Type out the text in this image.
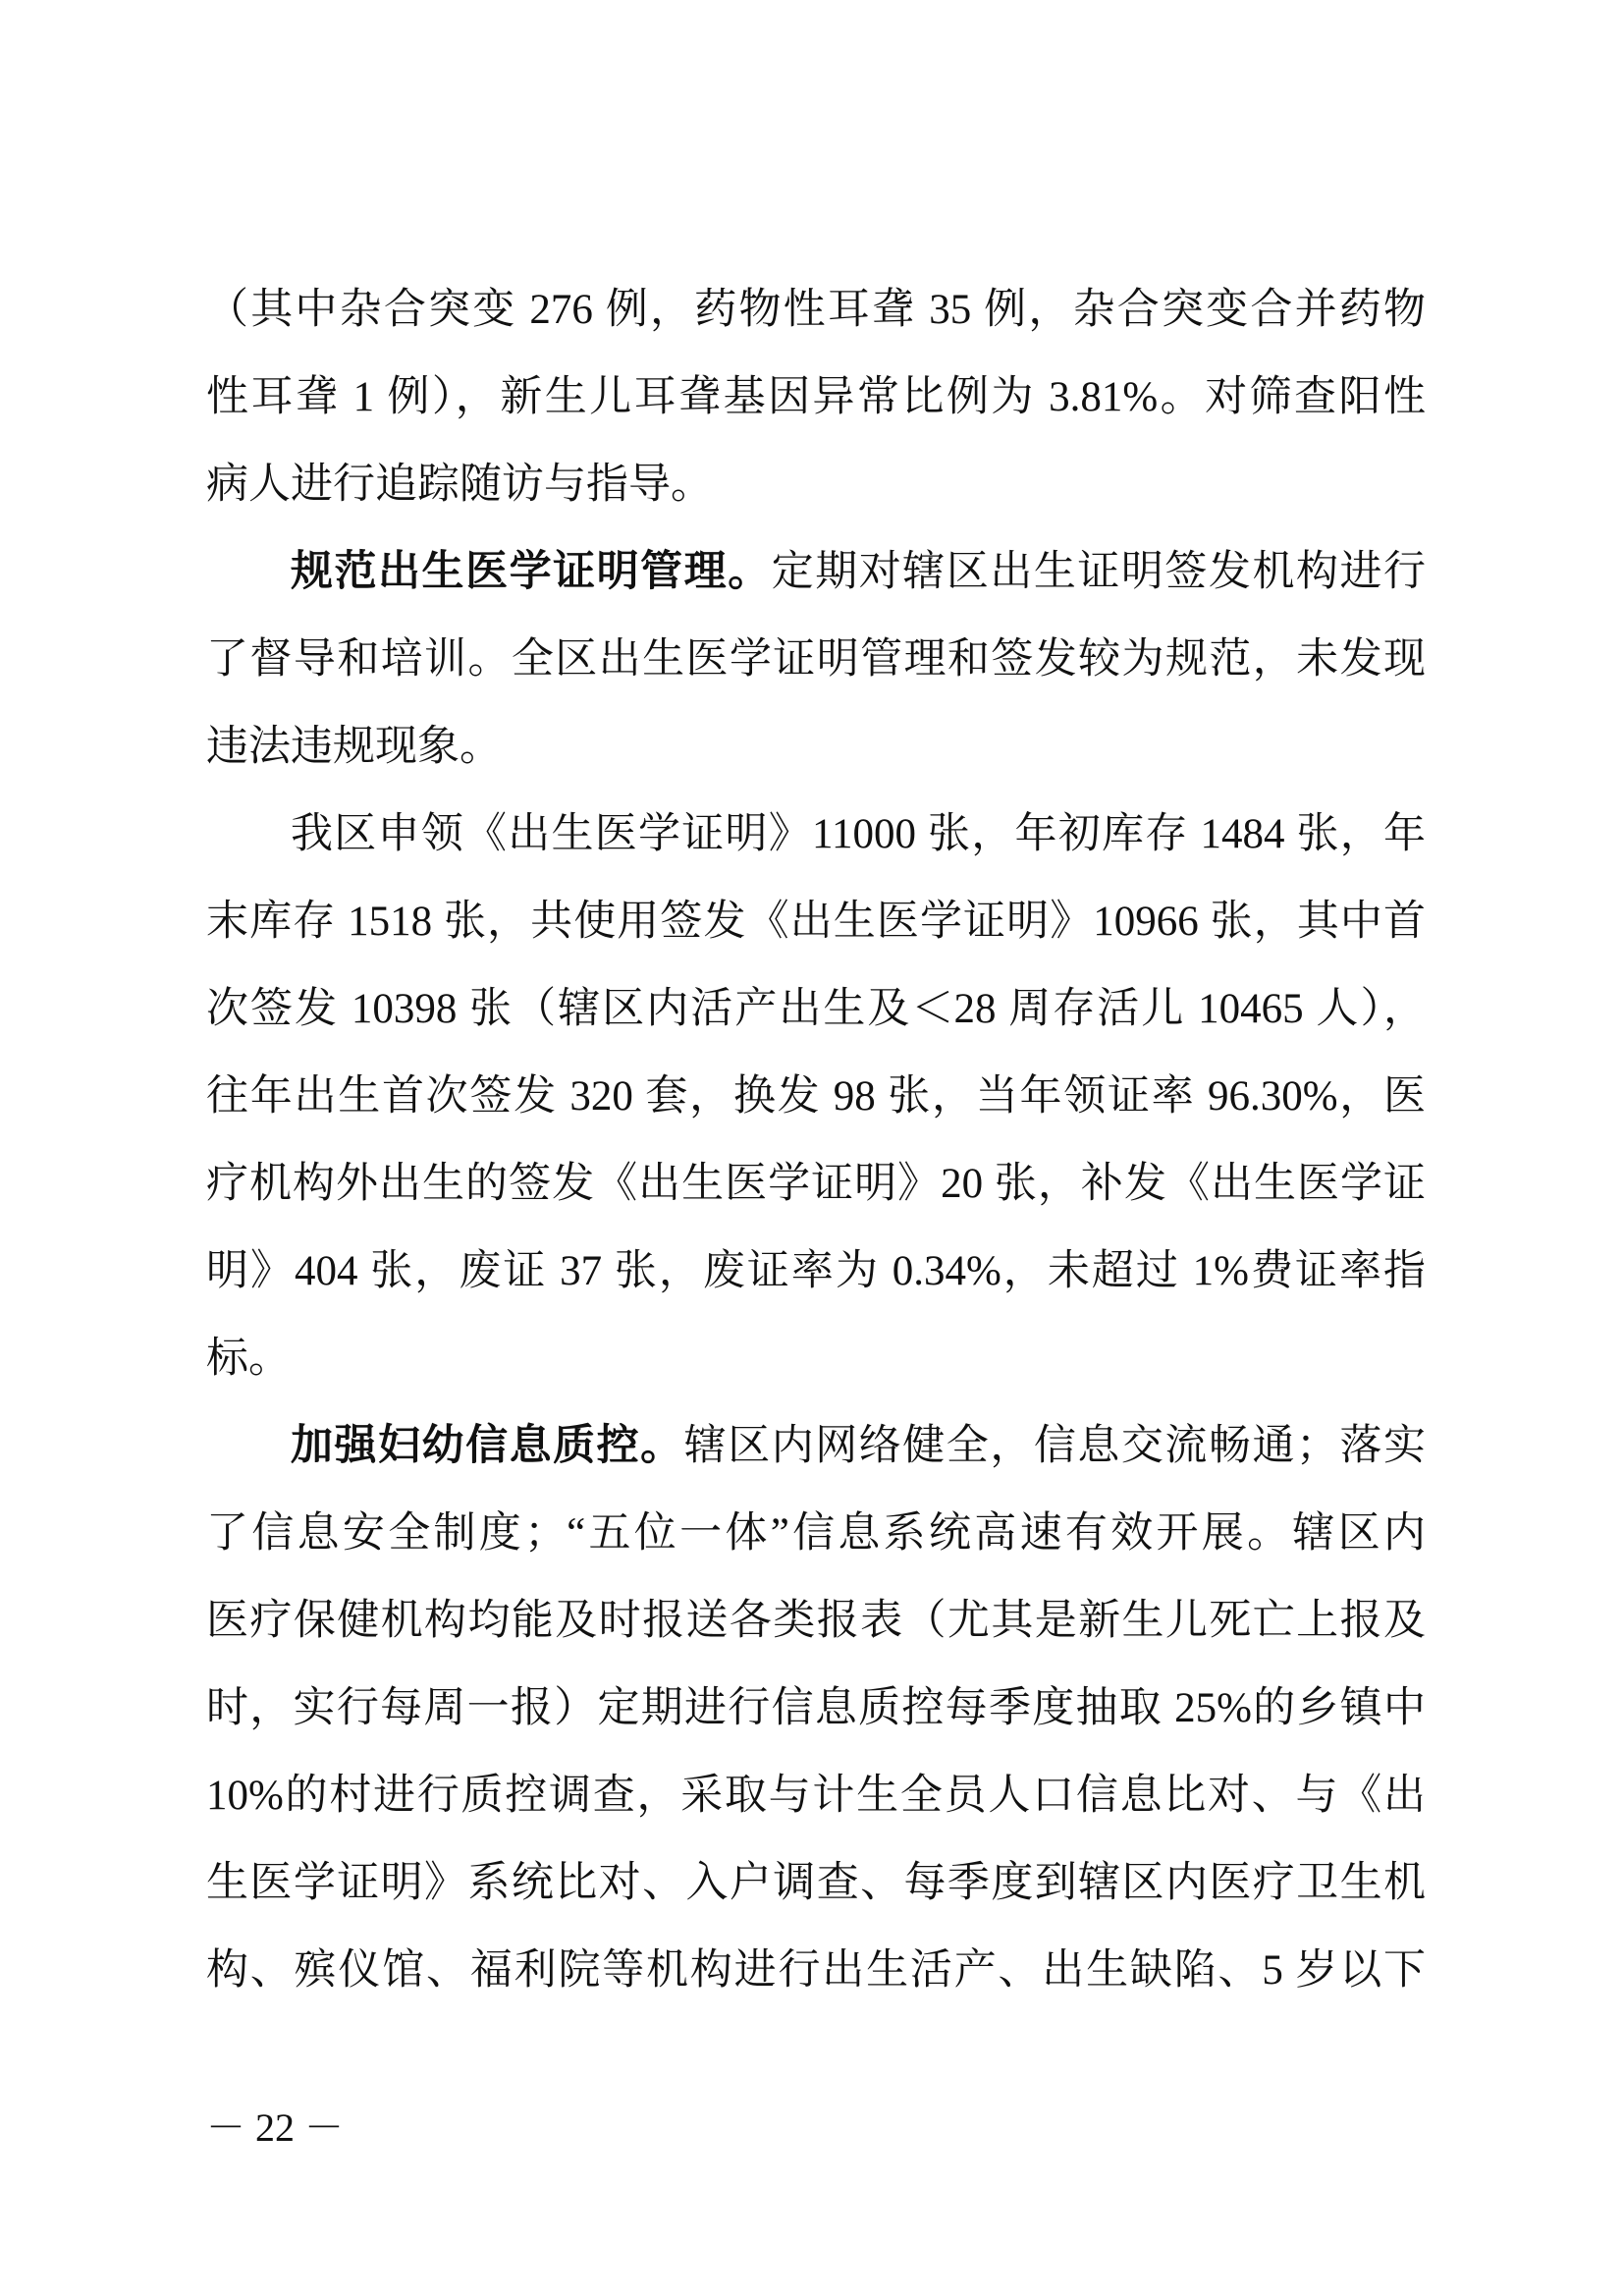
（其中杂合突变 276 例，药物性耳聋 35 例，杂合突变合并药物
性耳聋 1 例），新生儿耳聋基因异常比例为 3.81%。对筛查阳性
病人进行追踪随访与指导。
规范出生医学证明管理。定期对辖区出生证明签发机构进行
了督导和培训。全区出生医学证明管理和签发较为规范，未发现
违法违规现象。
我区申领《出生医学证明》11000 张，年初库存 1484 张，年
末库存 1518 张，共使用签发《出生医学证明》10966 张，其中首
次签发 10398 张（辖区内活产出生及＜28 周存活儿 10465 人），
往年出生首次签发 320 套，换发 98 张，当年领证率 96.30%，医
疗机构外出生的签发《出生医学证明》20 张，补发《出生医学证
明》404 张，废证 37 张，废证率为 0.34%，未超过 1%费证率指
标。
加强妇幼信息质控。辖区内网络健全，信息交流畅通；落实
了信息安全制度；“五位一体”信息系统高速有效开展。辖区内
医疗保健机构均能及时报送各类报表（尤其是新生儿死亡上报及
时，实行每周一报）定期进行信息质控每季度抽取 25%的乡镇中
10%的村进行质控调查，采取与计生全员人口信息比对、与《出
生医学证明》系统比对、入户调查、每季度到辖区内医疗卫生机
构、殡仪馆、福利院等机构进行出生活产、出生缺陷、5 岁以下
－ 22 －
